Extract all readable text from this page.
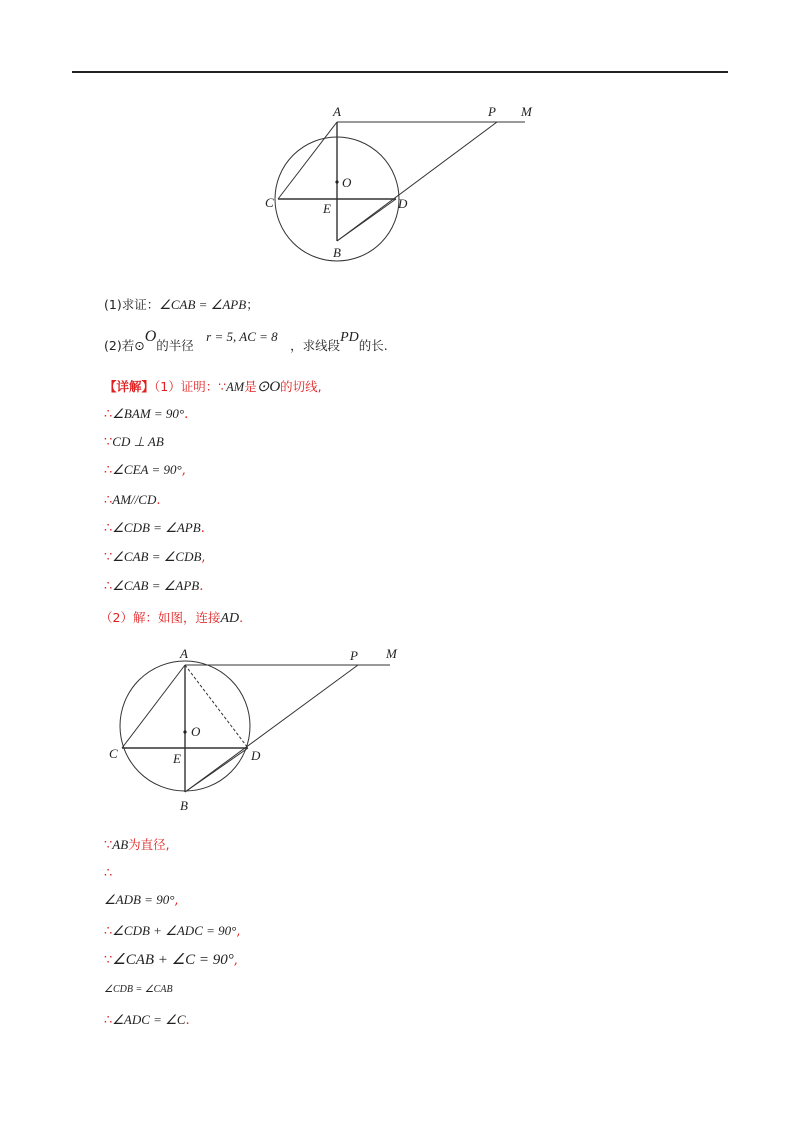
A	P M
O
C	E	D
B
(1)求证：∠CAB = ∠APB；
(2)若⊙O的半径   r = 5, AC = 8   ，求线段PD的长.
【详解】（1）证明：∵AM是⊙O的切线,
∴∠BAM = 90°.
∵CD ⊥ AB
∴∠CEA = 90°,
∴AM//CD.
∴∠CDB = ∠APB.
∵∠CAB = ∠CDB,
∴∠CAB = ∠APB.
（2）解：如图，连接AD.
A	P M
O
C	E	D
B
∵AB为直径,
∴
∠ADB = 90°,
∴∠CDB + ∠ADC = 90°,
∵∠CAB + ∠C = 90°,
∠CDB = ∠CAB
∴∠ADC = ∠C.
